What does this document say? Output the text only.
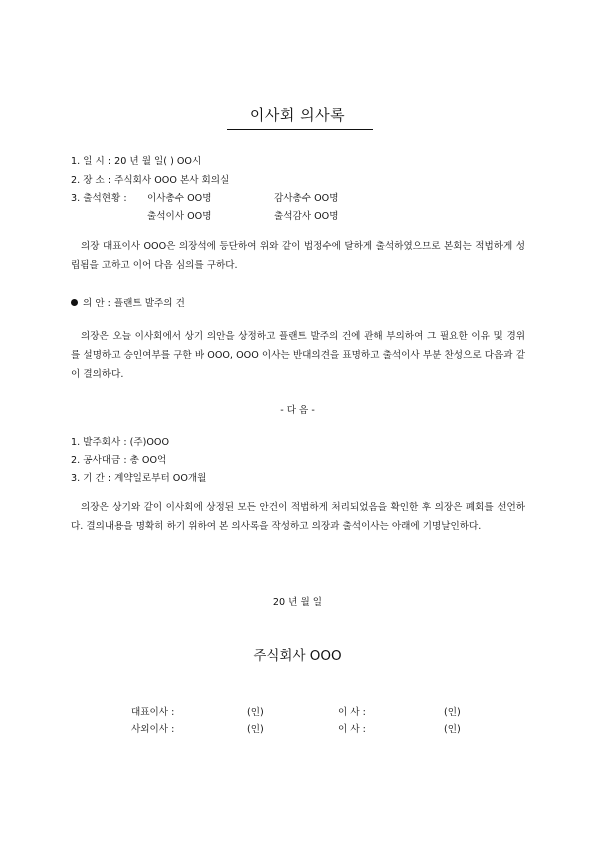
이사회 의사록
1. 일 시 : 20 년 월 일( ) OO시
2. 장 소 : 주식회사 OOO 본사 회의실
3. 출석현황 : 이사총수 OO명	감사총수 OO명
출석이사 OO명	출석감사 OO명

의장 대표이사 OOO은 의장석에 등단하여 위와 같이 법정수에 달하게 출석하였으므로 본회는 적법하게 성립됨을 고하고 이어 다음 심의를 구하다.

의 안 : 플랜트 발주의 건

의장은 오늘 이사회에서 상기 의안을 상정하고 플랜트 발주의 건에 관해 부의하여 그 필요한 이유 및 경위를 설명하고 승인여부를 구한 바 OOO, OOO 이사는 반대의견을 표명하고 출석이사 부분 찬성으로 다음과 같이 결의하다.

- 다 음 -
1. 발주회사 : (주)OOO
2. 공사대금 : 총 OO억
3. 기 간 : 계약일로부터 OO개월

의장은 상기와 같이 이사회에 상정된 모든 안건이 적법하게 처리되었음을 확인한 후 의장은 폐회를 선언하다. 결의내용을 명확히 하기 위하여 본 의사록을 작성하고 의장과 출석이사는 아래에 기명날인하다.

20 년 월 일
주식회사 OOO
대표이사 :	(인)	이 사 :	(인)
사외이사 :	(인)	이 사 :	(인)
